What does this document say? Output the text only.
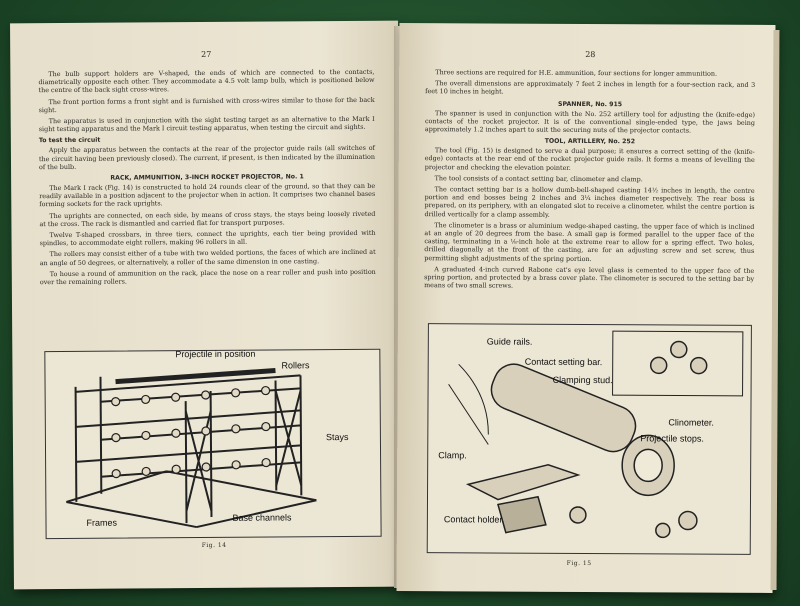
27

The bulb support holders are V-shaped, the ends of which are connected to the contacts, diametrically opposite each other. They accommodate a 4.5 volt lamp bulb, which is positioned below the centre of the back sight cross-wires.

The front portion forms a front sight and is furnished with cross-wires similar to those for the back sight.

The apparatus is used in conjunction with the sight testing target as an alternative to the Mark I sight testing apparatus and the Mark I circuit testing apparatus, when testing the circuit and sights.

To test the circuit

Apply the apparatus between the contacts at the rear of the projector guide rails (all switches of the circuit having been previously closed). The current, if present, is then indicated by the illumination of the bulb.

RACK, AMMUNITION, 3-INCH ROCKET PROJECTOR, No. 1

The Mark I rack (Fig. 14) is constructed to hold 24 rounds clear of the ground, so that they can be readily available in a position adjacent to the projector when in action. It comprises two channel bases forming sockets for the rack uprights.

The uprights are connected, on each side, by means of cross stays, the stays being loosely riveted at the cross. The rack is dismantled and carried flat for transport purposes.

Twelve T-shaped crossbars, in three tiers, connect the uprights, each tier being provided with spindles, to accommodate eight rollers, making 96 rollers in all.

The rollers may consist either of a tube with two welded portions, the faces of which are inclined at an angle of 50 degrees, or alternatively, a roller of the same dimension in one casting.

To house a round of ammunition on the rack, place the nose on a rear roller and push into position over the remaining rollers.

Projectile in position
Rollers
Stays
Frames	Base channels
Fig. 14
28

Three sections are required for H.E. ammunition, four sections for longer ammunition.

The overall dimensions are approximately 7 feet 2 inches in length for a four-section rack, and 3 feet 10 inches in height.

SPANNER, No. 915

The spanner is used in conjunction with the No. 252 artillery tool for adjusting the (knife-edge) contacts of the rocket projector. It is of the conventional single-ended type, the jaws being approximately 1.2 inches apart to suit the securing nuts of the projector contacts.

TOOL, ARTILLERY, No. 252

The tool (Fig. 15) is designed to serve a dual purpose; it ensures a correct setting of the (knife-edge) contacts at the rear end of the rocket projector guide rails. It forms a means of levelling the projector and checking the elevation pointer.

The tool consists of a contact setting bar, clinometer and clamp.

The contact setting bar is a hollow dumb-bell-shaped casting 14½ inches in length, the centre portion and end bosses being 2 inches and 3¼ inches diameter respectively. The rear boss is prepared, on its periphery, with an elongated slot to receive a clinometer, whilst the centre portion is drilled vertically for a clamp assembly.

The clinometer is a brass or aluminium wedge-shaped casting, the upper face of which is inclined at an angle of 20 degrees from the base. A small gap is formed parallel to the upper face of the casting, terminating in a ⅛-inch hole at the extreme rear to allow for a spring effect. Two holes, drilled diagonally at the front of the casting, are for an adjusting screw and set screw, thus permitting slight adjustments of the spring portion.

A graduated 4-inch curved Rabone cat's eye level glass is cemented to the upper face of the spring portion, and protected by a brass cover plate. The clinometer is secured to the setting bar by means of two small screws.

Guide rails.
Contact setting bar.
Clamping stud.
Clinometer.
Projectile stops.
Clamp.
Contact holder.
Fig. 15
